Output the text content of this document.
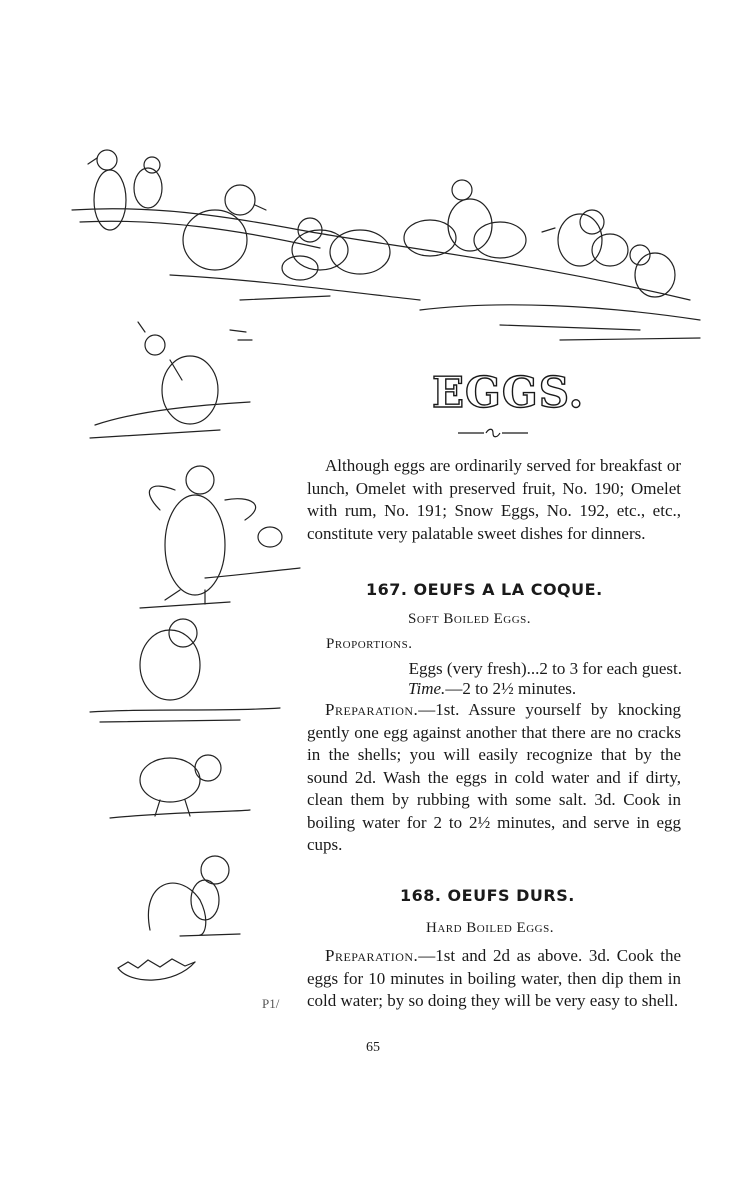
EGGS.
Although eggs are ordinarily served for breakfast or lunch, Omelet with preserved fruit, No. 190; Omelet with rum, No. 191; Snow Eggs, No. 192, etc., etc., constitute very palatable sweet dishes for dinners.
167. OEUFS A LA COQUE.
Soft Boiled Eggs.
Proportions.
Eggs (very fresh)...2 to 3 for each guest.
Time.—2 to 2½ minutes.
Preparation.—1st. Assure yourself by knocking gently one egg against another that there are no cracks in the shells; you will easily recognize that by the sound 2d. Wash the eggs in cold water and if dirty, clean them by rubbing with some salt. 3d. Cook in boiling water for 2 to 2½ minutes, and serve in egg cups.
168. OEUFS DURS.
Hard Boiled Eggs.
Preparation.—1st and 2d as above. 3d. Cook the eggs for 10 minutes in boiling water, then dip them in cold water; by so doing they will be very easy to shell.
P1/
65
